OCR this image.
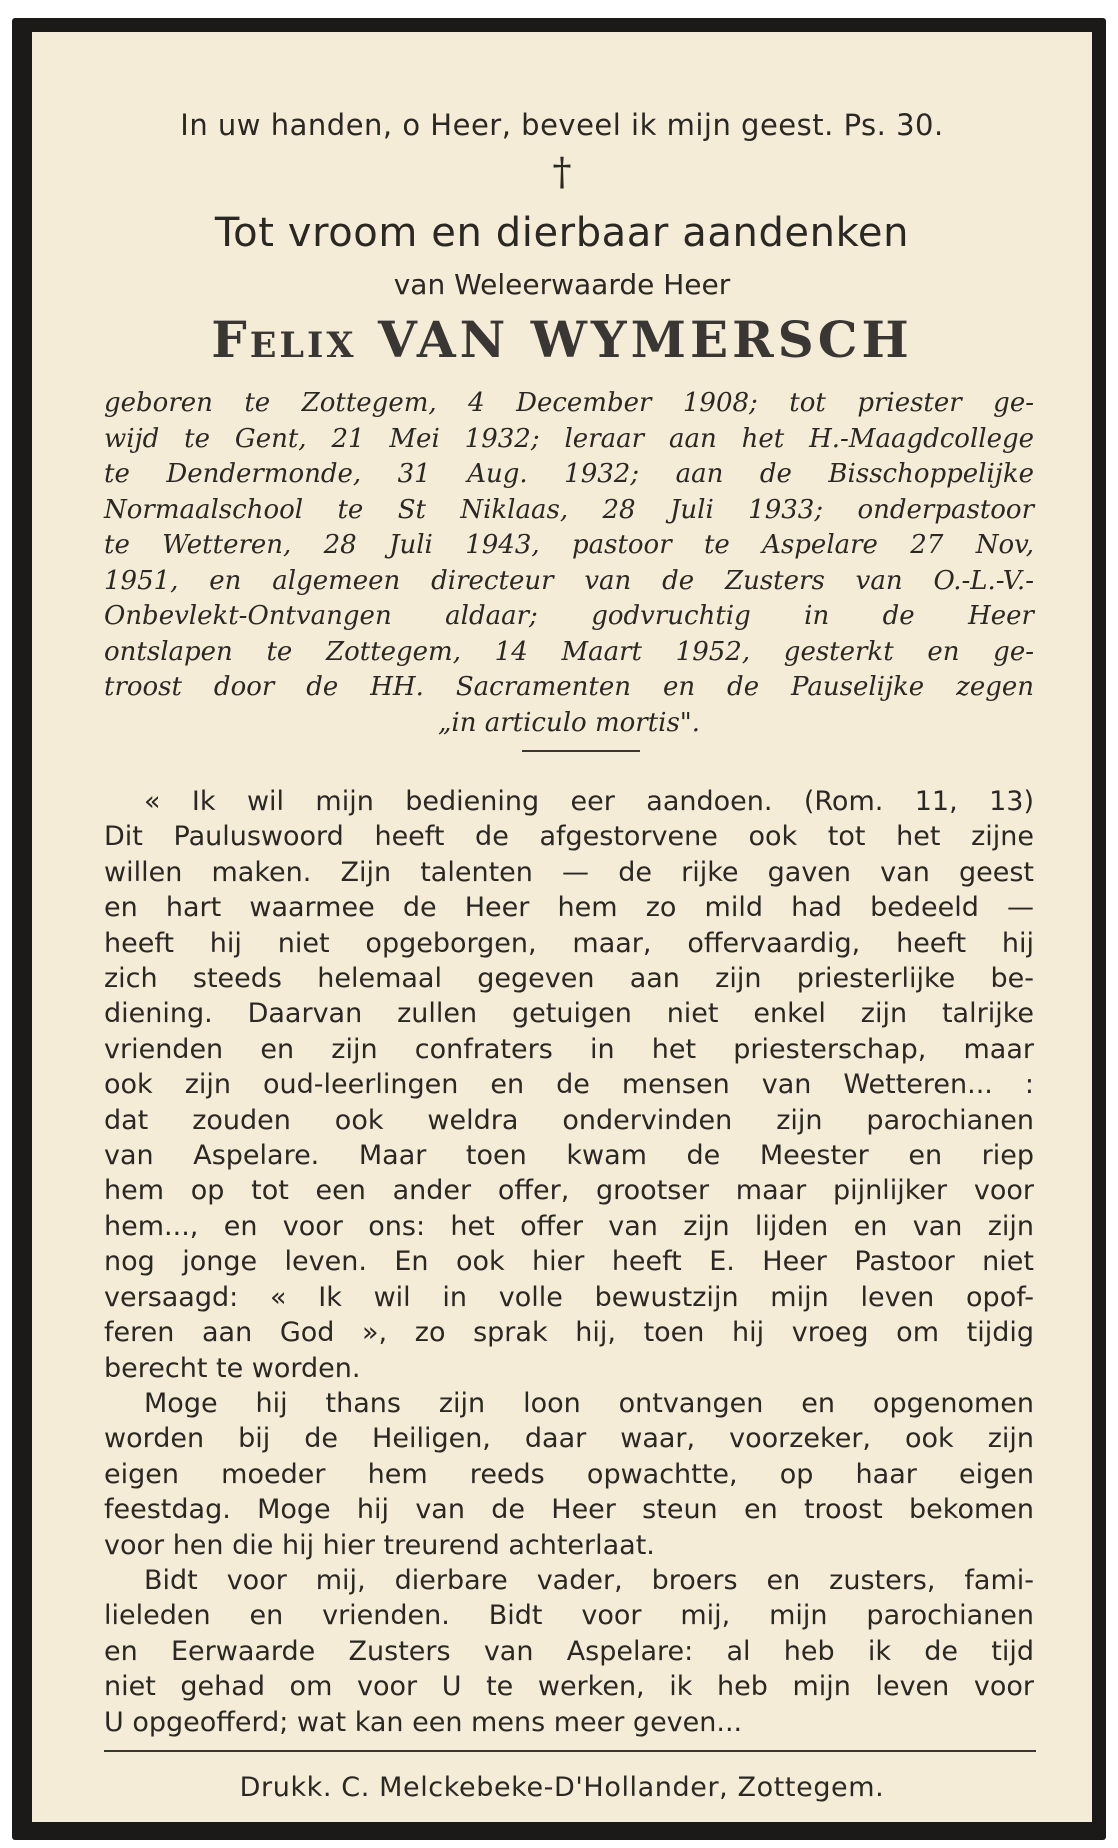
In uw handen, o Heer, beveel ik mijn geest. Ps. 30.
†
Tot vroom en dierbaar aandenken
van Weleerwaarde Heer
Felix VAN WYMERSCH
geboren te Zottegem, 4 December 1908; tot priester ge-
wijd te Gent, 21 Mei 1932; leraar aan het H.-Maagdcollege
te Dendermonde, 31 Aug. 1932; aan de Bisschoppelijke
Normaalschool te St Niklaas, 28 Juli 1933; onderpastoor
te Wetteren, 28 Juli 1943, pastoor te Aspelare 27 Nov,
1951, en algemeen directeur van de Zusters van O.-L.-V.-
Onbevlekt-Ontvangen aldaar; godvruchtig in de Heer
ontslapen te Zottegem, 14 Maart 1952, gesterkt en ge-
troost door de HH. Sacramenten en de Pauselijke zegen
„in articulo mortis".
« Ik wil mijn bediening eer aandoen. (Rom. 11, 13)
Dit Pauluswoord heeft de afgestorvene ook tot het zijne
willen maken. Zijn talenten — de rijke gaven van geest
en hart waarmee de Heer hem zo mild had bedeeld —
heeft hij niet opgeborgen, maar, offervaardig, heeft hij
zich steeds helemaal gegeven aan zijn priesterlijke be-
diening. Daarvan zullen getuigen niet enkel zijn talrijke
vrienden en zijn confraters in het priesterschap, maar
ook zijn oud-leerlingen en de mensen van Wetteren... :
dat zouden ook weldra ondervinden zijn parochianen
van Aspelare. Maar toen kwam de Meester en riep
hem op tot een ander offer, grootser maar pijnlijker voor
hem..., en voor ons: het offer van zijn lijden en van zijn
nog jonge leven. En ook hier heeft E. Heer Pastoor niet
versaagd: « Ik wil in volle bewustzijn mijn leven opof-
feren aan God », zo sprak hij, toen hij vroeg om tijdig
berecht te worden.
Moge hij thans zijn loon ontvangen en opgenomen
worden bij de Heiligen, daar waar, voorzeker, ook zijn
eigen moeder hem reeds opwachtte, op haar eigen
feestdag. Moge hij van de Heer steun en troost bekomen
voor hen die hij hier treurend achterlaat.
Bidt voor mij, dierbare vader, broers en zusters, fami-
lieleden en vrienden. Bidt voor mij, mijn parochianen
en Eerwaarde Zusters van Aspelare: al heb ik de tijd
niet gehad om voor U te werken, ik heb mijn leven voor
U opgeofferd; wat kan een mens meer geven...
Drukk. C. Melckebeke-D'Hollander, Zottegem.
